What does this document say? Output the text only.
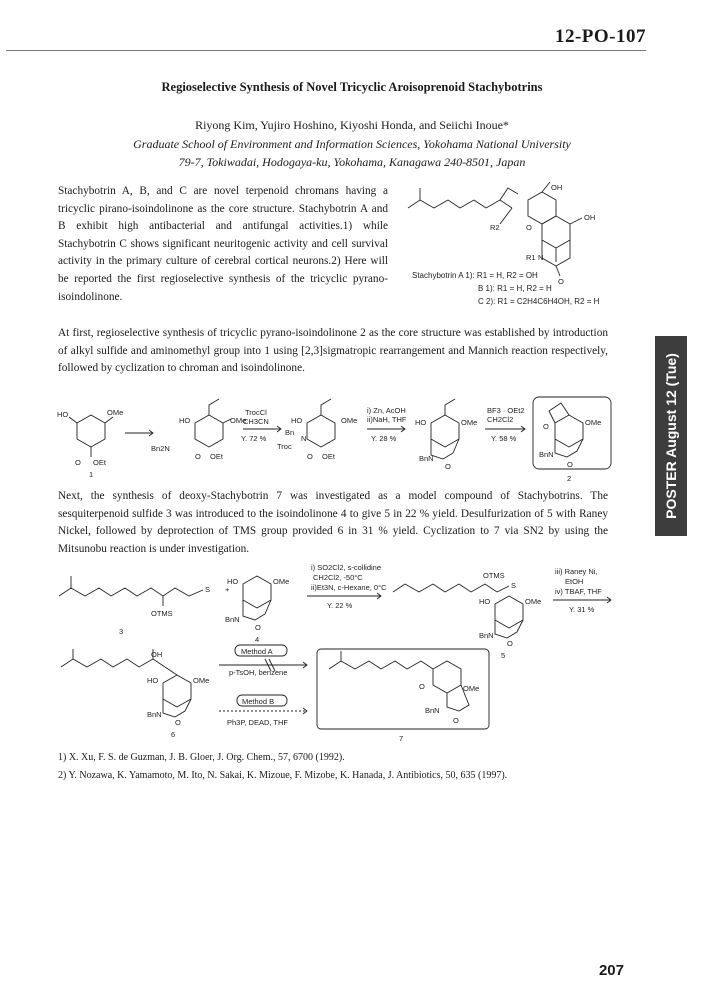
12-PO-107
Regioselective Synthesis of Novel Tricyclic Aroisoprenoid Stachybotrins
Riyong Kim, Yujiro Hoshino, Kiyoshi Honda, and Seiichi Inoue*
Graduate School of Environment and Information Sciences, Yokohama National University
79-7, Tokiwadai, Hodogaya-ku, Yokohama, Kanagawa 240-8501, Japan
Stachybotrin A, B, and C are novel terpenoid chromans having a tricyclic pirano-isoindolinone as the core structure. Stachybotrin A and B exhibit high antibacterial and antifungal activities.1) while Stachybotrin C shows significant neuritogenic activity and cell survival activity in the primary culture of cerebral cortical neurons.2) Here will be reported the first regioselective synthesis of the tricyclic pyrano-isoindolinone.
OH
OH
R2	O
R1 N
O
Stachybotrin A 1): R1 = H, R2 = OH
B 1): R1 = H, R2 = H
C 2): R1 = C2H4C6H4OH, R2 = H
At first, regioselective synthesis of tricyclic pyrano-isoindolinone 2 as the core structure was established by introduction of alkyl sulfide and aminomethyl group into 1 using [2,3]sigmatropic rearrangement and Mannich reaction respectively, followed by cyclization to chroman and isoindolinone.
HO	OMe
O OEt
1
Bn2N
HO	OMe
O OEt
TrocCl
CH3CN
Y. 72 %
HO	OMe
Bn
N
Troc
O OEt
i) Zn, AcOH
ii)NaH, THF
Y. 28 %
HO	OMe
BnN
O
BF3 · OEt2
CH2Cl2
Y. 58 %
O	OMe
BnN
O
2
Next, the synthesis of deoxy-Stachybotrin 7 was investigated as a model compound of Stachybotrins. The sesquiterpenoid sulfide 3 was introduced to the isoindolinone 4 to give 5 in 22 % yield. Desulfurization of 5 with Raney Nickel, followed by deprotection of TMS group provided 6 in 31 % yield. Cyclization to 7 via SN2 by using the Mitsunobu reaction is under investigation.
OTMS
S
3
+
HO	OMe
BnN
O
4
i) SO2Cl2, s-collidine
CH2Cl2, -50°C
ii)Et3N, c-Hexane, 0°C
Y. 22 %
OTMS
S
HO	OMe
BnN
O
5
iii) Raney Ni,
EtOH
iv) TBAF, THF
Y. 31 %
OH
HO	OMe
BnN
O
6
Method A
p-TsOH, benzene
Method B
Ph3P, DEAD, THF
O	OMe
BnN
O
7
1) X. Xu, F. S. de Guzman, J. B. Gloer, J. Org. Chem., 57, 6700 (1992).
2) Y. Nozawa, K. Yamamoto, M. Ito, N. Sakai, K. Mizoue, F. Mizobe, K. Hanada, J. Antibiotics, 50, 635 (1997).
POSTER August 12 (Tue)
207
